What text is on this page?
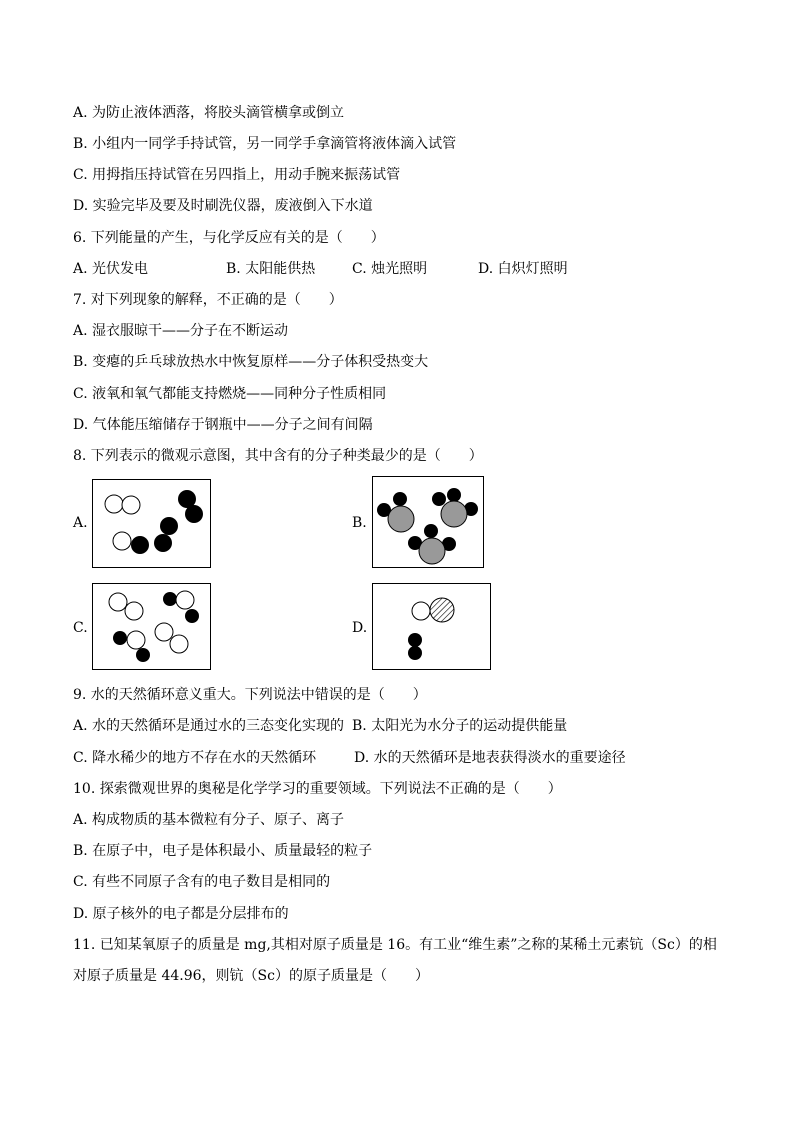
A. 为防止液体洒落，将胶头滴管横拿或倒立
B. 小组内一同学手持试管，另一同学手拿滴管将液体滴入试管
C. 用拇指压持试管在另四指上，用动手腕来振荡试管
D. 实验完毕及要及时刷洗仪器，废液倒入下水道
6. 下列能量的产生，与化学反应有关的是（　　）
A. 光伏发电	B. 太阳能供热	C. 烛光照明	D. 白炽灯照明
7. 对下列现象的解释，不正确的是（　　）
A. 湿衣服晾干——分子在不断运动
B. 变瘪的乒乓球放热水中恢复原样——分子体积受热变大
C. 液氧和氧气都能支持燃烧——同种分子性质相同
D. 气体能压缩储存于钢瓶中——分子之间有间隔
8. 下列表示的微观示意图，其中含有的分子种类最少的是（　　）
A.	B.
C.	D.
9. 水的天然循环意义重大。下列说法中错误的是（　　）
A. 水的天然循环是通过水的三态变化实现的 B. 太阳光为水分子的运动提供能量
C. 降水稀少的地方不存在水的天然循环	D. 水的天然循环是地表获得淡水的重要途径
10. 探索微观世界的奥秘是化学学习的重要领域。下列说法不正确的是（　　）
A. 构成物质的基本微粒有分子、原子、离子
B. 在原子中，电子是体积最小、质量最轻的粒子
C. 有些不同原子含有的电子数目是相同的
D. 原子核外的电子都是分层排布的
11. 已知某氧原子的质量是 mg,其相对原子质量是 16。有工业“维生素”之称的某稀土元素钪（Sc）的相
对原子质量是 44.96，则钪（Sc）的原子质量是（　　）
